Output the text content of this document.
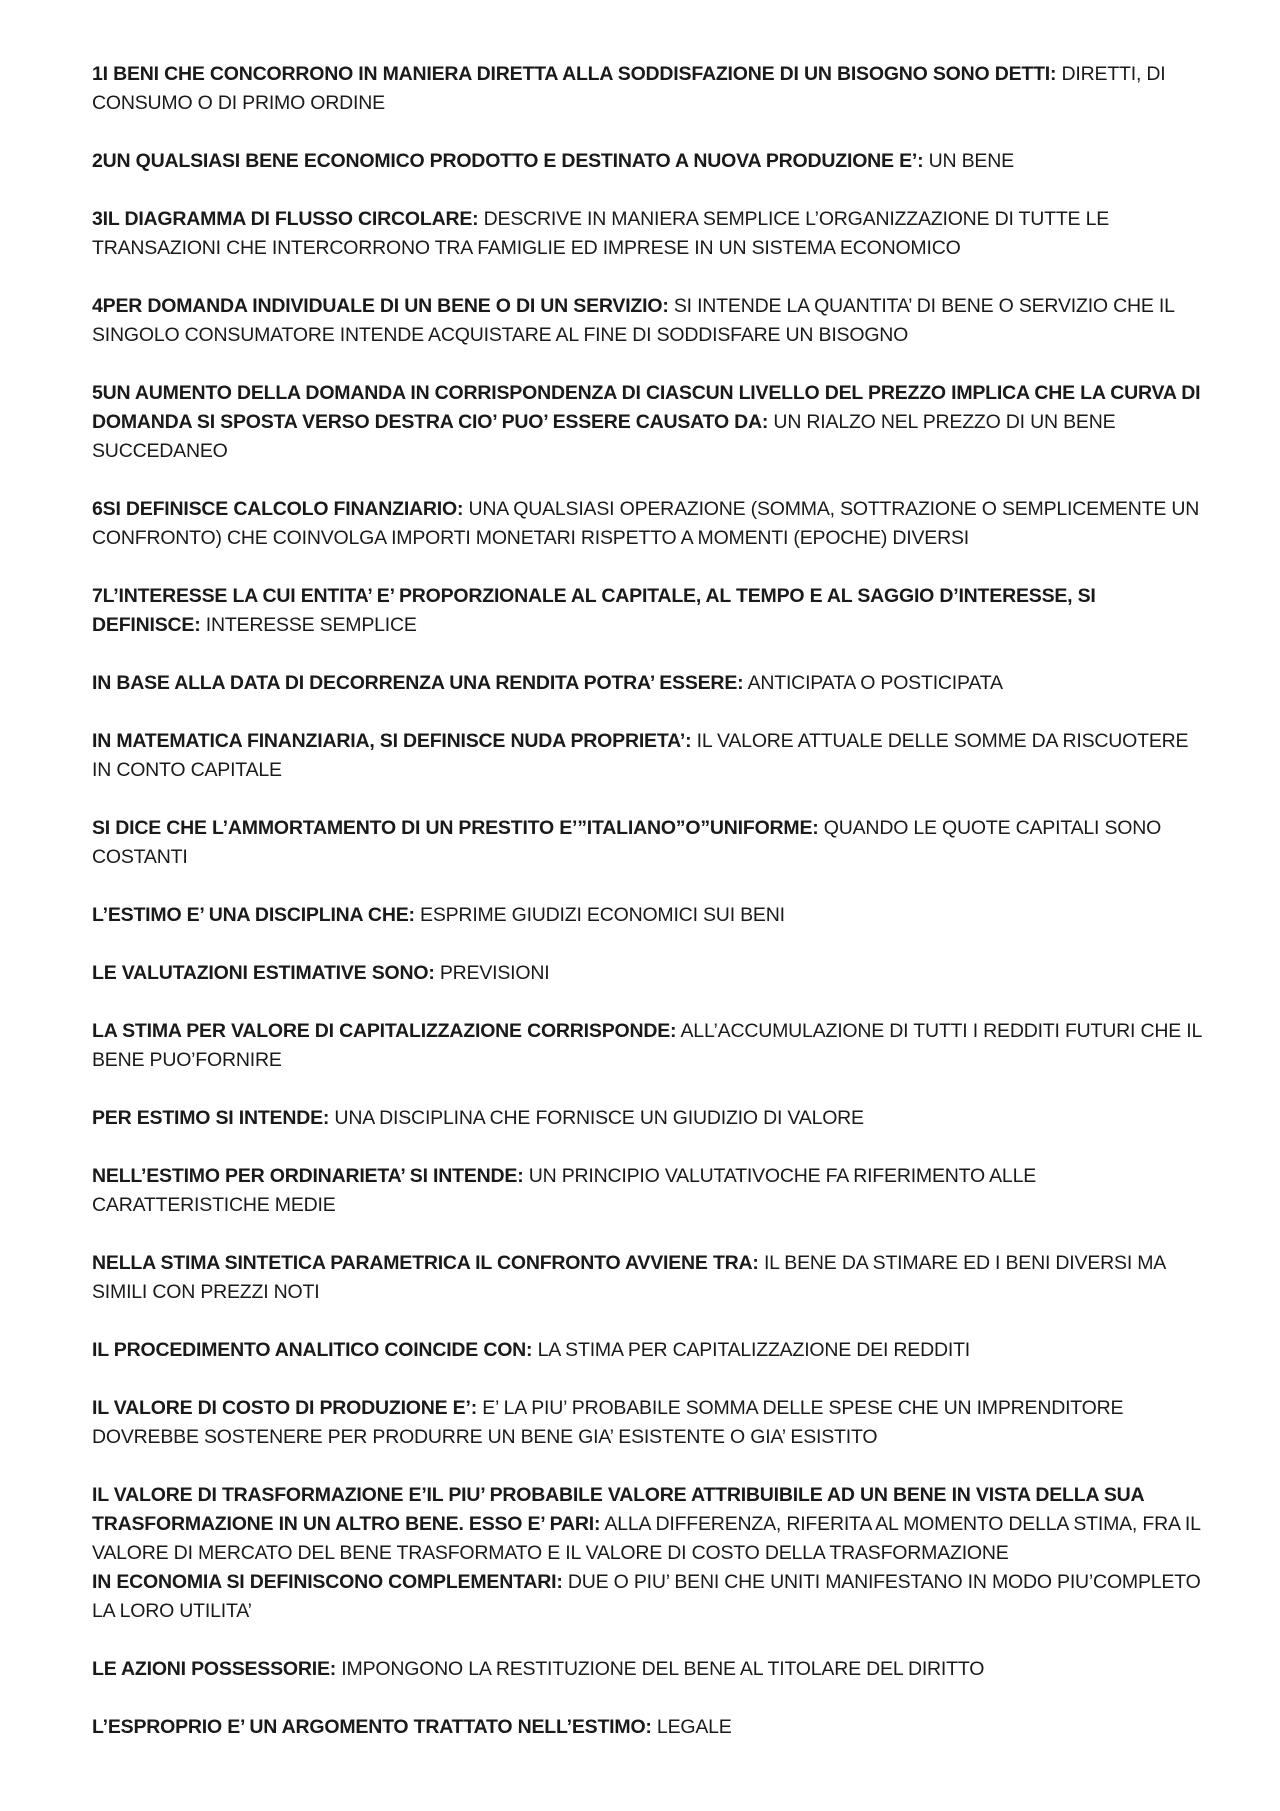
1I BENI CHE CONCORRONO IN MANIERA DIRETTA ALLA SODDISFAZIONE DI UN BISOGNO SONO DETTI: DIRETTI, DI CONSUMO O DI PRIMO ORDINE

2UN QUALSIASI BENE ECONOMICO PRODOTTO E DESTINATO A NUOVA PRODUZIONE E’: UN BENE

3IL DIAGRAMMA DI FLUSSO CIRCOLARE: DESCRIVE IN MANIERA SEMPLICE L’ORGANIZZAZIONE DI TUTTE LE TRANSAZIONI CHE INTERCORRONO TRA FAMIGLIE ED IMPRESE IN UN SISTEMA ECONOMICO

4PER DOMANDA INDIVIDUALE DI UN BENE O DI UN SERVIZIO: SI INTENDE LA QUANTITA’ DI BENE O SERVIZIO CHE IL SINGOLO CONSUMATORE INTENDE ACQUISTARE AL FINE DI SODDISFARE UN BISOGNO

5UN AUMENTO DELLA DOMANDA IN CORRISPONDENZA DI CIASCUN LIVELLO DEL PREZZO IMPLICA CHE LA CURVA DI DOMANDA SI SPOSTA VERSO DESTRA CIO’ PUO’ ESSERE CAUSATO DA: UN RIALZO NEL PREZZO DI UN BENE SUCCEDANEO

6SI DEFINISCE CALCOLO FINANZIARIO: UNA QUALSIASI OPERAZIONE (SOMMA, SOTTRAZIONE O SEMPLICEMENTE UN CONFRONTO) CHE COINVOLGA IMPORTI MONETARI RISPETTO A MOMENTI (EPOCHE) DIVERSI

7L’INTERESSE LA CUI ENTITA’ E’ PROPORZIONALE AL CAPITALE, AL TEMPO E AL SAGGIO D’INTERESSE, SI DEFINISCE: INTERESSE SEMPLICE

IN BASE ALLA DATA DI DECORRENZA UNA RENDITA POTRA’ ESSERE: ANTICIPATA O POSTICIPATA

IN MATEMATICA FINANZIARIA, SI DEFINISCE NUDA PROPRIETA’: IL VALORE ATTUALE DELLE SOMME DA RISCUOTERE IN CONTO CAPITALE

SI DICE CHE L’AMMORTAMENTO DI UN PRESTITO E’”ITALIANO”O”UNIFORME: QUANDO LE QUOTE CAPITALI SONO COSTANTI

L’ESTIMO E’ UNA DISCIPLINA CHE: ESPRIME GIUDIZI ECONOMICI SUI BENI

LE VALUTAZIONI ESTIMATIVE SONO: PREVISIONI

LA STIMA PER VALORE DI CAPITALIZZAZIONE CORRISPONDE: ALL’ACCUMULAZIONE DI TUTTI I REDDITI FUTURI CHE IL BENE PUO’FORNIRE

PER ESTIMO SI INTENDE: UNA DISCIPLINA CHE FORNISCE UN GIUDIZIO DI VALORE

NELL’ESTIMO PER ORDINARIETA’ SI INTENDE: UN PRINCIPIO VALUTATIVOCHE FA RIFERIMENTO ALLE CARATTERISTICHE MEDIE

NELLA STIMA SINTETICA PARAMETRICA IL CONFRONTO AVVIENE TRA: IL BENE DA STIMARE ED I BENI DIVERSI MA SIMILI CON PREZZI NOTI

IL PROCEDIMENTO ANALITICO COINCIDE CON: LA STIMA PER CAPITALIZZAZIONE DEI REDDITI

IL VALORE DI COSTO DI PRODUZIONE E’: E’ LA PIU’ PROBABILE SOMMA DELLE SPESE CHE UN IMPRENDITORE DOVREBBE SOSTENERE PER PRODURRE UN BENE GIA’ ESISTENTE O GIA’ ESISTITO

IL VALORE DI TRASFORMAZIONE E’IL PIU’ PROBABILE VALORE ATTRIBUIBILE AD UN BENE IN VISTA DELLA SUA TRASFORMAZIONE IN UN ALTRO BENE. ESSO E’ PARI: ALLA DIFFERENZA, RIFERITA AL MOMENTO DELLA STIMA, FRA IL VALORE DI MERCATO DEL BENE TRASFORMATO E IL VALORE DI COSTO DELLA TRASFORMAZIONE

IN ECONOMIA SI DEFINISCONO COMPLEMENTARI: DUE O PIU’ BENI CHE UNITI MANIFESTANO IN MODO PIU’COMPLETO LA LORO UTILITA’

LE AZIONI POSSESSORIE: IMPONGONO LA RESTITUZIONE DEL BENE AL TITOLARE DEL DIRITTO

L’ESPROPRIO E’ UN ARGOMENTO TRATTATO NELL’ESTIMO: LEGALE
